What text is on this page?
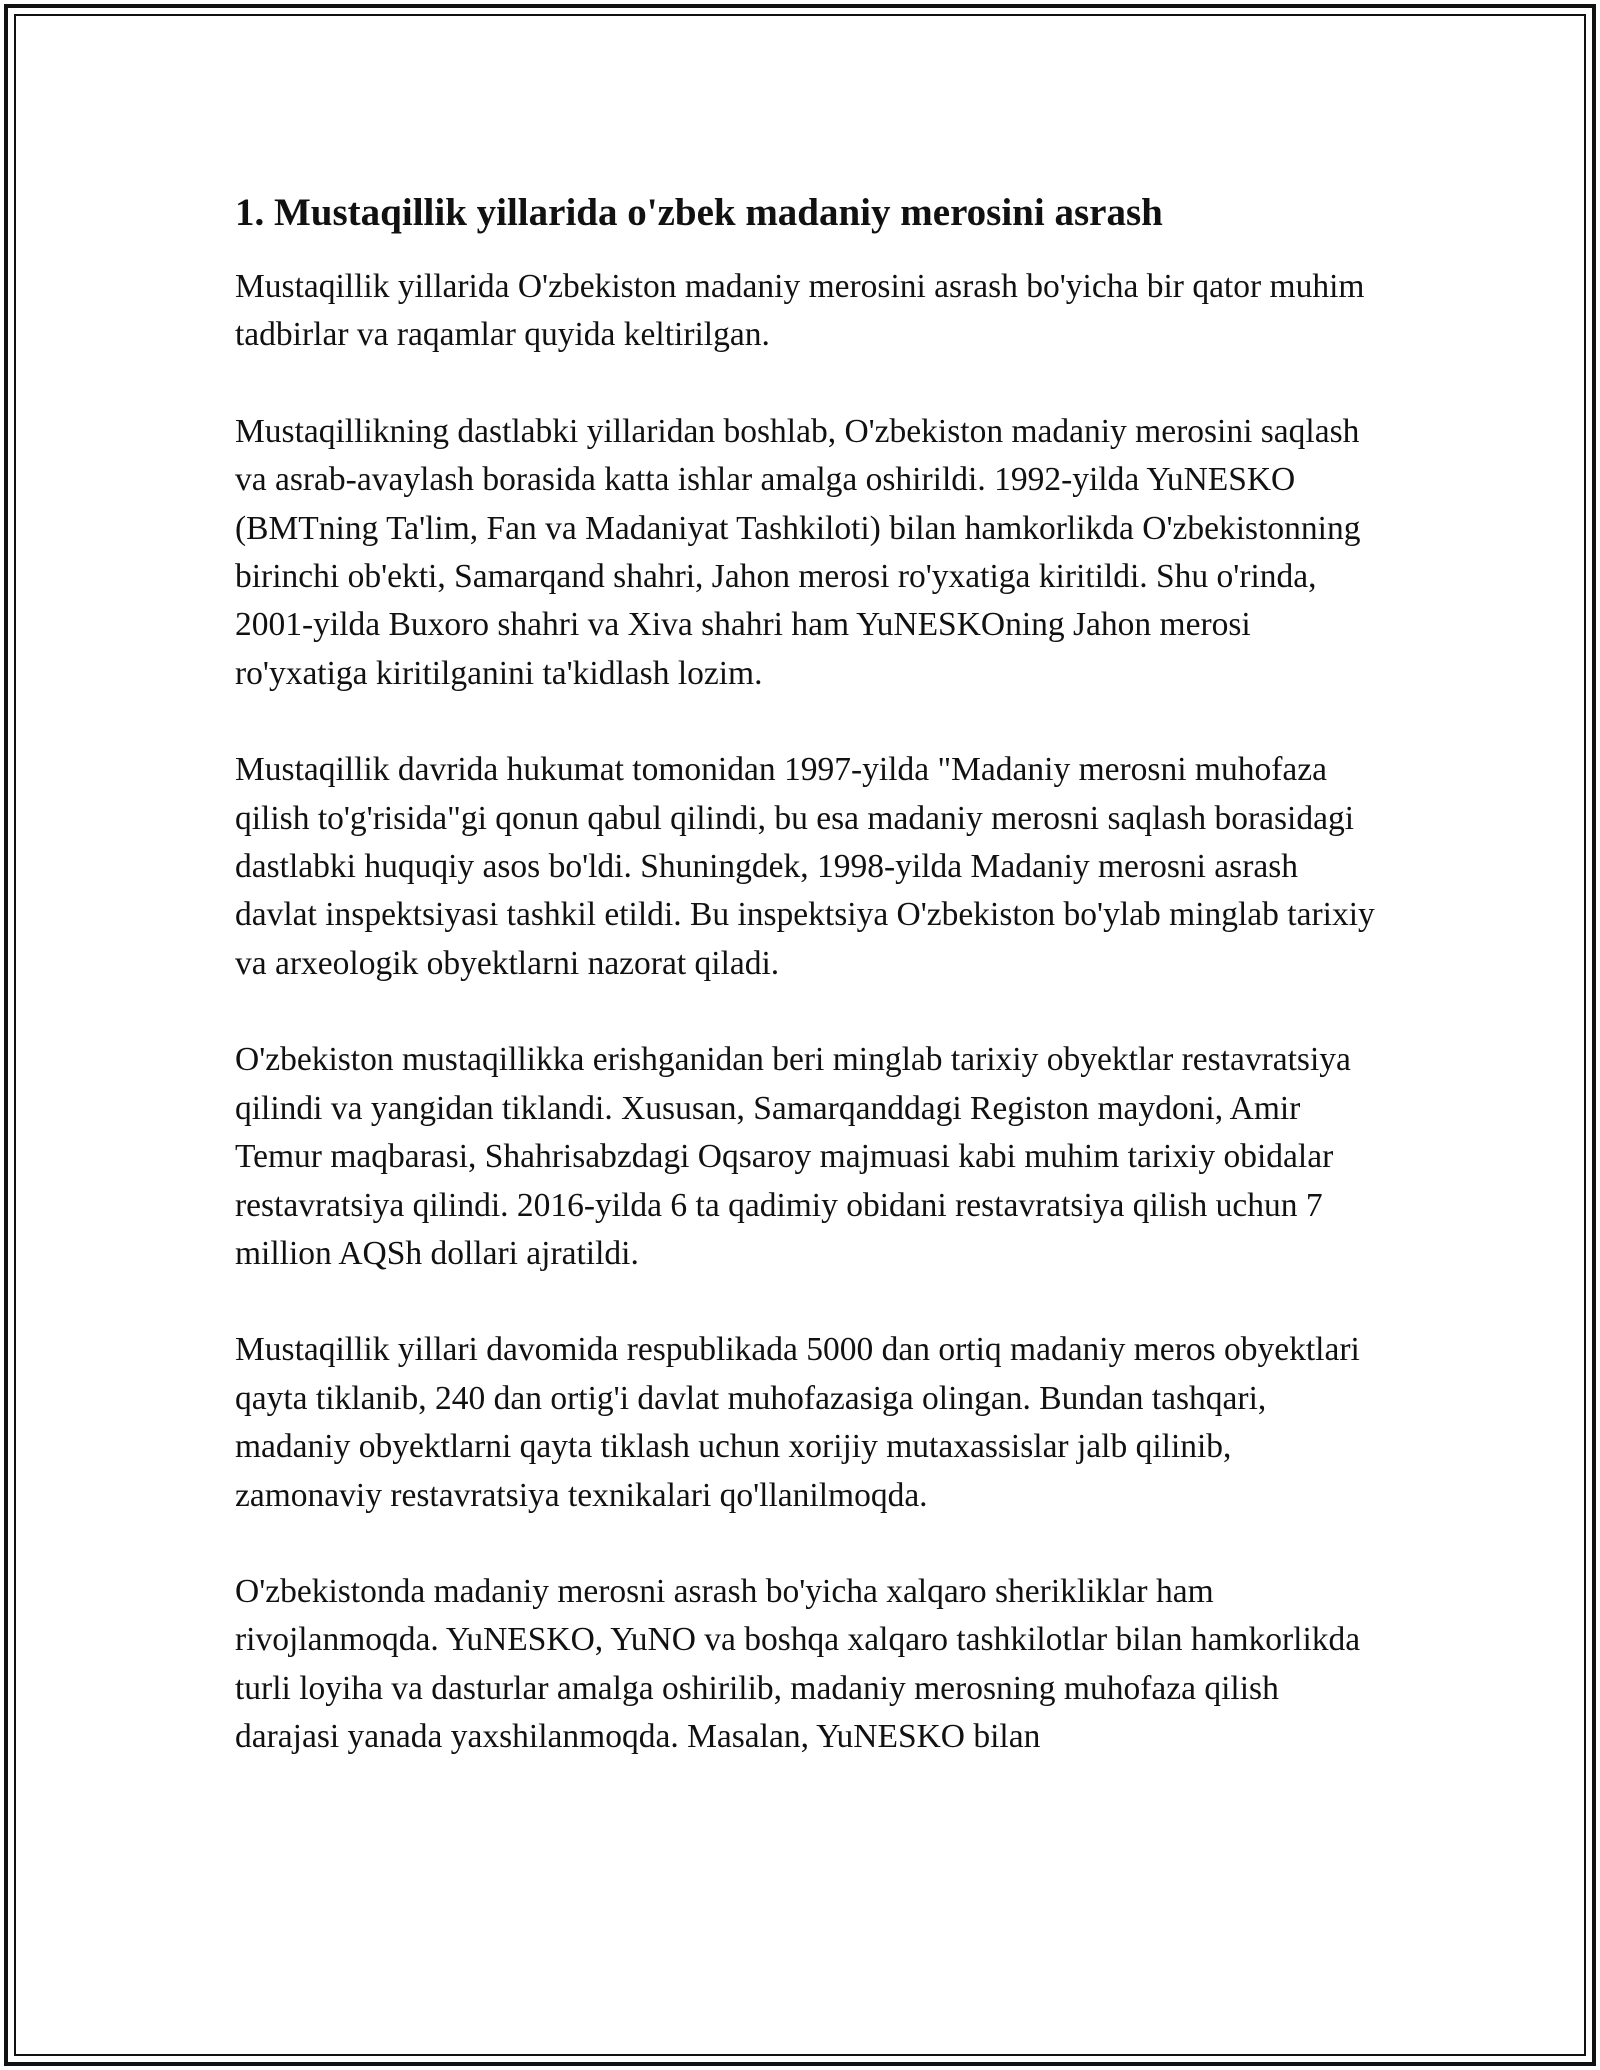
1. Mustaqillik yillarida o'zbek madaniy merosini asrash

Mustaqillik yillarida O'zbekiston madaniy merosini asrash bo'yicha bir qator muhim tadbirlar va raqamlar quyida keltirilgan.

Mustaqillikning dastlabki yillaridan boshlab, O'zbekiston madaniy merosini saqlash va asrab-avaylash borasida katta ishlar amalga oshirildi. 1992-yilda YuNESKO (BMTning Ta'lim, Fan va Madaniyat Tashkiloti) bilan hamkorlikda O'zbekistonning birinchi ob'ekti, Samarqand shahri, Jahon merosi ro'yxatiga kiritildi. Shu o'rinda, 2001-yilda Buxoro shahri va Xiva shahri ham YuNESKOning Jahon merosi ro'yxatiga kiritilganini ta'kidlash lozim.

Mustaqillik davrida hukumat tomonidan 1997-yilda "Madaniy merosni muhofaza qilish to'g'risida"gi qonun qabul qilindi, bu esa madaniy merosni saqlash borasidagi dastlabki huquqiy asos bo'ldi. Shuningdek, 1998-yilda Madaniy merosni asrash davlat inspektsiyasi tashkil etildi. Bu inspektsiya O'zbekiston bo'ylab minglab tarixiy va arxeologik obyektlarni nazorat qiladi.

O'zbekiston mustaqillikka erishganidan beri minglab tarixiy obyektlar restavratsiya qilindi va yangidan tiklandi. Xususan, Samarqanddagi Registon maydoni, Amir Temur maqbarasi, Shahrisabzdagi Oqsaroy majmuasi kabi muhim tarixiy obidalar restavratsiya qilindi. 2016-yilda 6 ta qadimiy obidani restavratsiya qilish uchun 7 million AQSh dollari ajratildi.

Mustaqillik yillari davomida respublikada 5000 dan ortiq madaniy meros obyektlari qayta tiklanib, 240 dan ortig'i davlat muhofazasiga olingan. Bundan tashqari, madaniy obyektlarni qayta tiklash uchun xorijiy mutaxassislar jalb qilinib, zamonaviy restavratsiya texnikalari qo'llanilmoqda.

O'zbekistonda madaniy merosni asrash bo'yicha xalqaro sherikliklar ham rivojlanmoqda. YuNESKO, YuNO va boshqa xalqaro tashkilotlar bilan hamkorlikda turli loyiha va dasturlar amalga oshirilib, madaniy merosning muhofaza qilish darajasi yanada yaxshilanmoqda. Masalan, YuNESKO bilan
